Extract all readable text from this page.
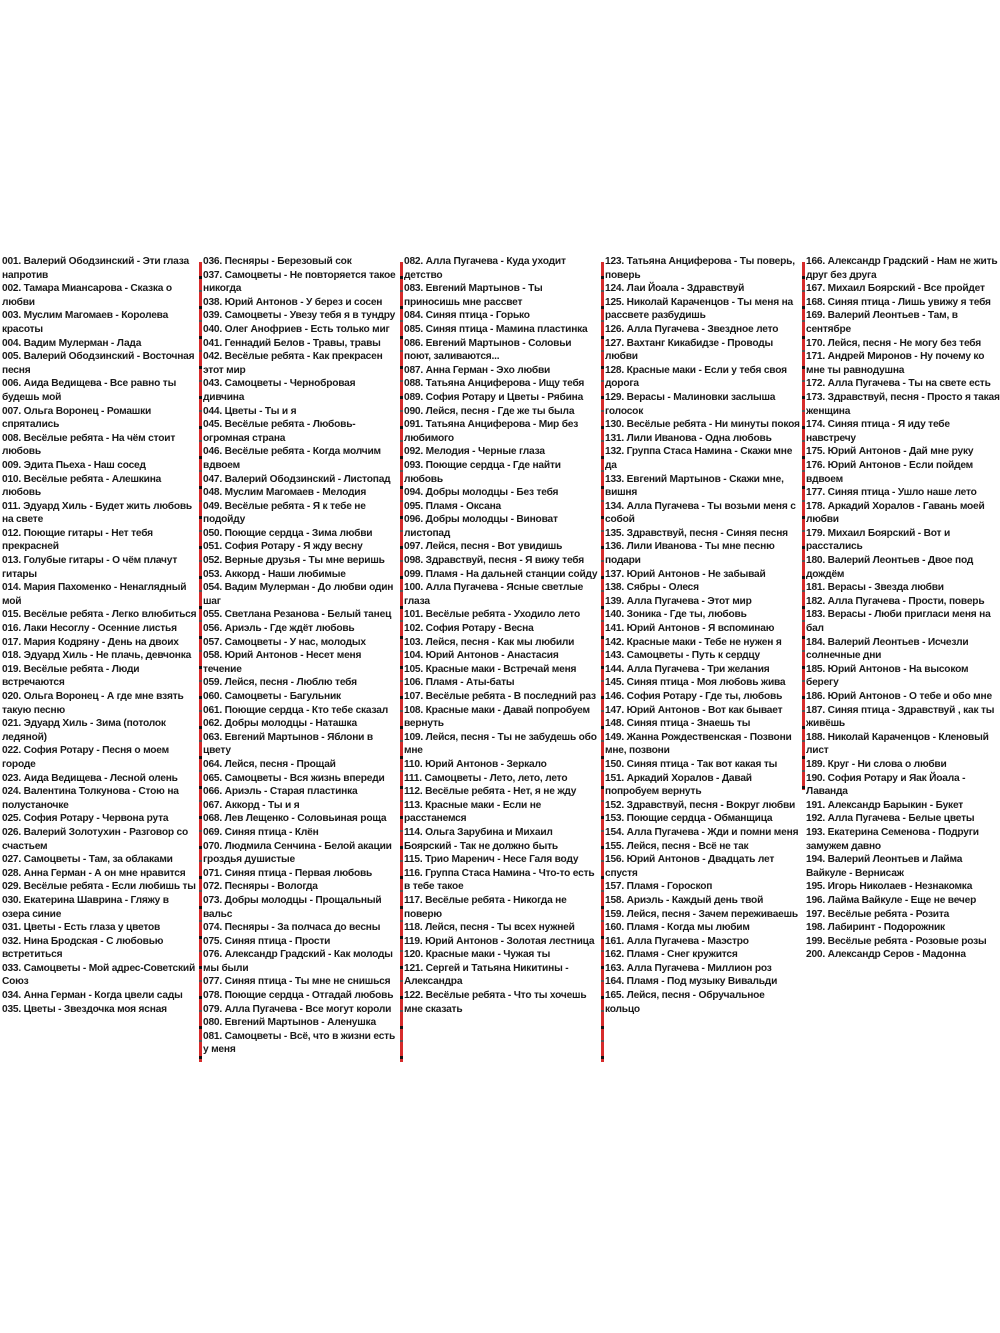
001. Валерий Ободзинский - Эти глаза напротив
002. Тамара Миансарова - Сказка о любви
003. Муслим Магомаев - Королева красоты
004. Вадим Мулерман - Лада
005. Валерий Ободзинский - Восточная песня
006. Аида Ведищева - Все равно ты будешь мой
007. Ольга Воронец - Ромашки спрятались
008. Весёлые ребята - На чём стоит любовь
009. Эдита Пьеха - Наш сосед
010. Весёлые ребята - Алешкина любовь
011. Эдуард Хиль - Будет жить любовь на свете
012. Поющие гитары - Нет тебя прекрасней
013. Голубые гитары - О чём плачут гитары
014. Мария Пахоменко - Ненаглядный мой
015. Весёлые ребята - Легко влюбиться
016. Лаки Несоглу - Осенние листья
017. Мария Кодряну - День на двоих
018. Эдуард Хиль - Не плачь, девчонка
019. Весёлые ребята - Люди встречаются
020. Ольга Воронец - А где мне взять такую песню
021. Эдуард Хиль - Зима (потолок ледяной)
022. София Ротару - Песня о моем городе
023. Аида Ведищева - Лесной олень
024. Валентина Толкунова - Стою на полустаночке
025. София Ротару - Червона рута
026. Валерий Золотухин - Разговор со счастьем
027. Самоцветы - Там, за облаками
028. Анна Герман - А он мне нравится
029. Весёлые ребята - Если любишь ты
030. Екатерина Шаврина - Гляжу в озера синие
031. Цветы - Есть глаза у цветов
032. Нина Бродская - С любовью встретиться
033. Самоцветы - Мой адрес-Советский Союз
034. Анна Герман - Когда цвели сады
035. Цветы - Звездочка моя ясная
036. Песняры - Березовый сок
037. Самоцветы - Не повторяется такое никогда
038. Юрий Антонов - У берез и сосен
039. Самоцветы - Увезу тебя я в тундру
040. Олег Анофриев - Есть только миг
041. Геннадий Белов - Травы, травы
042. Весёлые ребята - Как прекрасен этот мир
043. Самоцветы - Чернобровая дивчина
044. Цветы - Ты и я
045. Весёлые ребята - Любовь-огромная страна
046. Весёлые ребята - Когда молчим вдвоем
047. Валерий Ободзинский - Листопад
048. Муслим Магомаев - Мелодия
049. Весёлые ребята - Я к тебе не подойду
050. Поющие сердца - Зима любви
051. София Ротару - Я жду весну
052. Верные друзья - Ты мне веришь
053. Аккорд - Наши любимые
054. Вадим Мулерман - До любви один шаг
055. Светлана Резанова - Белый танец
056. Ариэль - Где ждёт любовь
057. Самоцветы - У нас, молодых
058. Юрий Антонов - Несет меня течение
059. Лейся, песня - Люблю тебя
060. Самоцветы - Багульник
061. Поющие сердца - Кто тебе сказал
062. Добры молодцы - Наташка
063. Евгений Мартынов - Яблони в цвету
064. Лейся, песня - Прощай
065. Самоцветы - Вся жизнь впереди
066. Ариэль - Старая пластинка
067. Аккорд - Ты и я
068. Лев Лещенко - Соловьиная роща
069. Синяя птица - Клён
070. Людмила Сенчина - Белой акации гроздья душистые
071. Синяя птица - Первая любовь
072. Песняры - Вологда
073. Добры молодцы - Прощальный вальс
074. Песняры - За полчаса до весны
075. Синяя птица - Прости
076. Александр Градский - Как молоды мы были
077. Синяя птица - Ты мне не снишься
078. Поющие сердца - Отгадай любовь
079. Алла Пугачева - Все могут короли
080. Евгений Мартынов - Аленушка
081. Самоцветы - Всё, что в жизни есть у меня
082. Алла Пугачева - Куда уходит детство
083. Евгений Мартынов - Ты приносишь мне рассвет
084. Синяя птица - Горько
085. Синяя птица - Мамина пластинка
086. Евгений Мартынов - Соловьи поют, заливаются...
087. Анна Герман - Эхо любви
088. Татьяна Анциферова - Ищу тебя
089. София Ротару и Цветы - Рябина
090. Лейся, песня - Где же ты была
091. Татьяна Анциферова - Мир без любимого
092. Мелодия - Черные глаза
093. Поющие сердца - Где найти любовь
094. Добры молодцы - Без тебя
095. Пламя - Оксана
096. Добры молодцы - Виноват листопад
097. Лейся, песня - Вот увидишь
098. Здравствуй, песня - Я вижу тебя
099. Пламя - На дальней станции сойду
100. Алла Пугачева - Ясные светлые глаза
101. Весёлые ребята - Уходило лето
102. София Ротару - Весна
103. Лейся, песня - Как мы любили
104. Юрий Антонов - Анастасия
105. Красные маки - Встречай меня
106. Пламя - Аты-баты
107. Весёлые ребята - В последний раз
108. Красные маки - Давай попробуем вернуть
109. Лейся, песня - Ты не забудешь обо мне
110. Юрий Антонов - Зеркало
111. Самоцветы - Лето, лето, лето
112. Весёлые ребята - Нет, я не жду
113. Красные маки - Если не расстанемся
114. Ольга Зарубина и Михаил Боярский - Так не должно быть
115. Трио Маренич - Несе Галя воду
116. Группа Стаса Намина - Что-то есть в тебе такое
117. Весёлые ребята - Никогда не поверю
118. Лейся, песня - Ты всех нужней
119. Юрий Антонов - Золотая лестница
120. Красные маки - Чужая ты
121. Сергей и Татьяна Никитины - Александра
122. Весёлые ребята - Что ты хочешь мне сказать
123. Татьяна Анциферова - Ты поверь, поверь
124. Лаи Йоала - Здравствуй
125. Николай Караченцов - Ты меня на рассвете разбудишь
126. Алла Пугачева - Звездное лето
127. Вахтанг Кикабидзе - Проводы любви
128. Красные маки - Если у тебя своя дорога
129. Верасы - Малиновки заслыша голосок
130. Весёлые ребята - Ни минуты покоя
131. Лили Иванова - Одна любовь
132. Группа Стаса Намина - Скажи мне да
133. Евгений Мартынов - Скажи мне, вишня
134. Алла Пугачева - Ты возьми меня с собой
135. Здравствуй, песня - Синяя песня
136. Лили Иванова - Ты мне песню подари
137. Юрий Антонов - Не забывай
138. Сябры - Олеся
139. Алла Пугачева - Этот мир
140. Зоника - Где ты, любовь
141. Юрий Антонов - Я вспоминаю
142. Красные маки - Тебе не нужен я
143. Самоцветы - Путь к сердцу
144. Алла Пугачева - Три желания
145. Синяя птица - Моя любовь жива
146. София Ротару - Где ты, любовь
147. Юрий Антонов - Вот как бывает
148. Синяя птица - Знаешь ты
149. Жанна Рождественская - Позвони мне, позвони
150. Синяя птица - Так вот какая ты
151. Аркадий Хоралов - Давай попробуем вернуть
152. Здравствуй, песня - Вокруг любви
153. Поющие сердца - Обманщица
154. Алла Пугачева - Жди и помни меня
155. Лейся, песня - Всё не так
156. Юрий Антонов - Двадцать лет спустя
157. Пламя - Гороскоп
158. Ариэль - Каждый день твой
159. Лейся, песня - Зачем переживаешь
160. Пламя - Когда мы любим
161. Алла Пугачева - Маэстро
162. Пламя - Снег кружится
163. Алла Пугачева - Миллион роз
164. Пламя - Под музыку Вивальди
165. Лейся, песня - Обручальное кольцо
166. Александр Градский - Нам не жить друг без друга
167. Михаил Боярский - Все пройдет
168. Синяя птица - Лишь увижу я тебя
169. Валерий Леонтьев - Там, в сентябре
170. Лейся, песня - Не могу без тебя
171. Андрей Миронов - Ну почему ко мне ты равнодушна
172. Алла Пугачева - Ты на свете есть
173. Здравствуй, песня - Просто я такая женщина
174. Синяя птица - Я иду тебе навстречу
175. Юрий Антонов - Дай мне руку
176. Юрий Антонов - Если пойдем вдвоем
177. Синяя птица - Ушло наше лето
178. Аркадий Хоралов - Гавань моей любви
179. Михаил Боярский - Вот и расстались
180. Валерий Леонтьев - Двое под дождём
181. Верасы - Звезда любви
182. Алла Пугачева - Прости, поверь
183. Верасы - Люби пригласи меня на бал
184. Валерий Леонтьев - Исчезли солнечные дни
185. Юрий Антонов - На высоком берегу
186. Юрий Антонов - О тебе и обо мне
187. Синяя птица - Здравствуй , как ты живёшь
188. Николай Караченцов - Кленовый лист
189. Круг - Ни слова о любви
190. София Ротару и Яак Йоала - Лаванда
191. Александр Барыкин - Букет
192. Алла Пугачева - Белые цветы
193. Екатерина Семенова - Подруги замужем давно
194. Валерий Леонтьев и Лайма Вайкуле - Вернисаж
195. Игорь Николаев - Незнакомка
196. Лайма Вайкуле - Еще не вечер
197. Весёлые ребята - Розита
198. Лабиринт - Подорожник
199. Весёлые ребята - Розовые розы
200. Александр Серов - Мадонна
